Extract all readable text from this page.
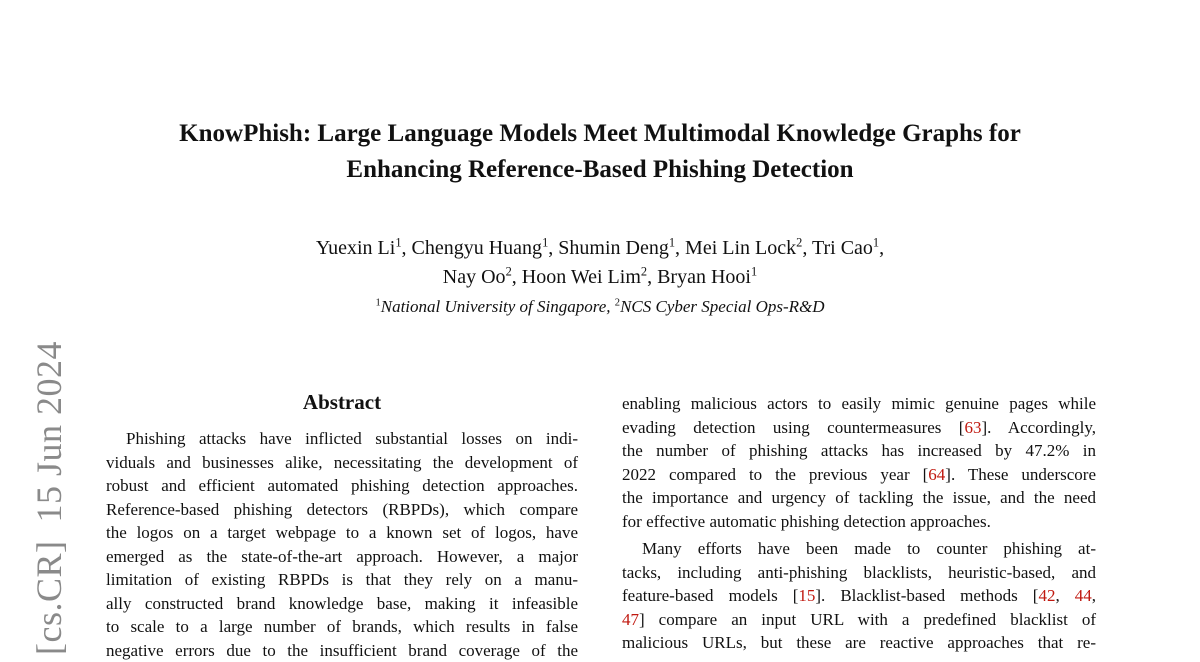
[cs.CR]15 Jun 2024
KnowPhish: Large Language Models Meet Multimodal Knowledge Graphs for
Enhancing Reference-Based Phishing Detection
Yuexin Li$^1$, Chengyu Huang$^1$, Shumin Deng$^1$, Mei Lin Lock$^2$, Tri Cao$^1$,
Nay Oo$^2$, Hoon Wei Lim$^2$, Bryan Hooi$^1$
$^1$National University of Singapore, $^2$NCS Cyber Special Ops-R&D
Abstract
Phishing attacks have inflicted substantial losses on indi-
viduals and businesses alike, necessitating the development of
robust and efficient automated phishing detection approaches.
Reference-based phishing detectors (RBPDs), which compare
the logos on a target webpage to a known set of logos, have
emerged as the state-of-the-art approach. However, a major
limitation of existing RBPDs is that they rely on a manu-
ally constructed brand knowledge base, making it infeasible
to scale to a large number of brands, which results in false
negative errors due to the insufficient brand coverage of the
enabling malicious actors to easily mimic genuine pages while
evading detection using countermeasures [63]. Accordingly,
the number of phishing attacks has increased by 47.2% in
2022 compared to the previous year [64]. These underscore
the importance and urgency of tackling the issue, and the need
for effective automatic phishing detection approaches.
Many efforts have been made to counter phishing at-
tacks, including anti-phishing blacklists, heuristic-based, and
feature-based models [15]. Blacklist-based methods [42, 44,
47] compare an input URL with a predefined blacklist of
malicious URLs, but these are reactive approaches that re-
